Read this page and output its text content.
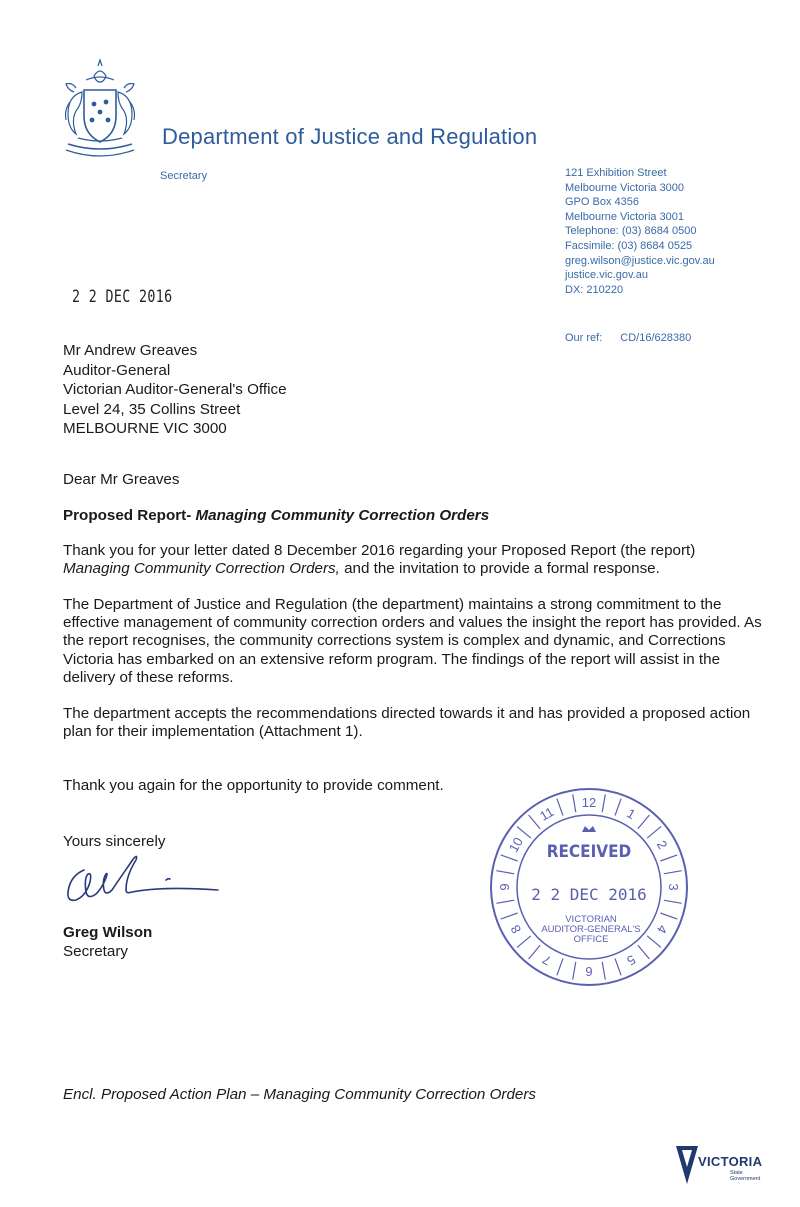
Department of Justice and Regulation
Secretary	121 Exhibition Street
Melbourne Victoria 3000
GPO Box 4356
Melbourne Victoria 3001
Telephone: (03) 8684 0500
Facsimile: (03) 8684 0525
greg.wilson@justice.vic.gov.au
justice.vic.gov.au
DX: 210220
2 2 DEC 2016
Our ref: CD/16/628380
Mr Andrew Greaves
Auditor-General
Victorian Auditor-General's Office
Level 24, 35 Collins Street
MELBOURNE VIC 3000
Dear Mr Greaves
Proposed Report- Managing Community Correction Orders
Thank you for your letter dated 8 December 2016 regarding your Proposed Report (the report)
Managing Community Correction Orders, and the invitation to provide a formal response.
The Department of Justice and Regulation (the department) maintains a strong commitment to the effective management of community correction orders and values the insight the report has provided. As the report recognises, the community corrections system is complex and dynamic, and Corrections Victoria has embarked on an extensive reform program. The findings of the report will assist in the delivery of these reforms.
The department accepts the recommendations directed towards it and has provided a proposed action plan for their implementation (Attachment 1).
Thank you again for the opportunity to provide comment.
Yours sincerely
Greg Wilson
Secretary
12
1
2
3
4
5
6
7
8
9
10
11
RECEIVED
2 2 DEC 2016
VICTORIAN
AUDITOR-GENERAL'S
OFFICE
Encl. Proposed Action Plan – Managing Community Correction Orders
VICTORIA
State Government
